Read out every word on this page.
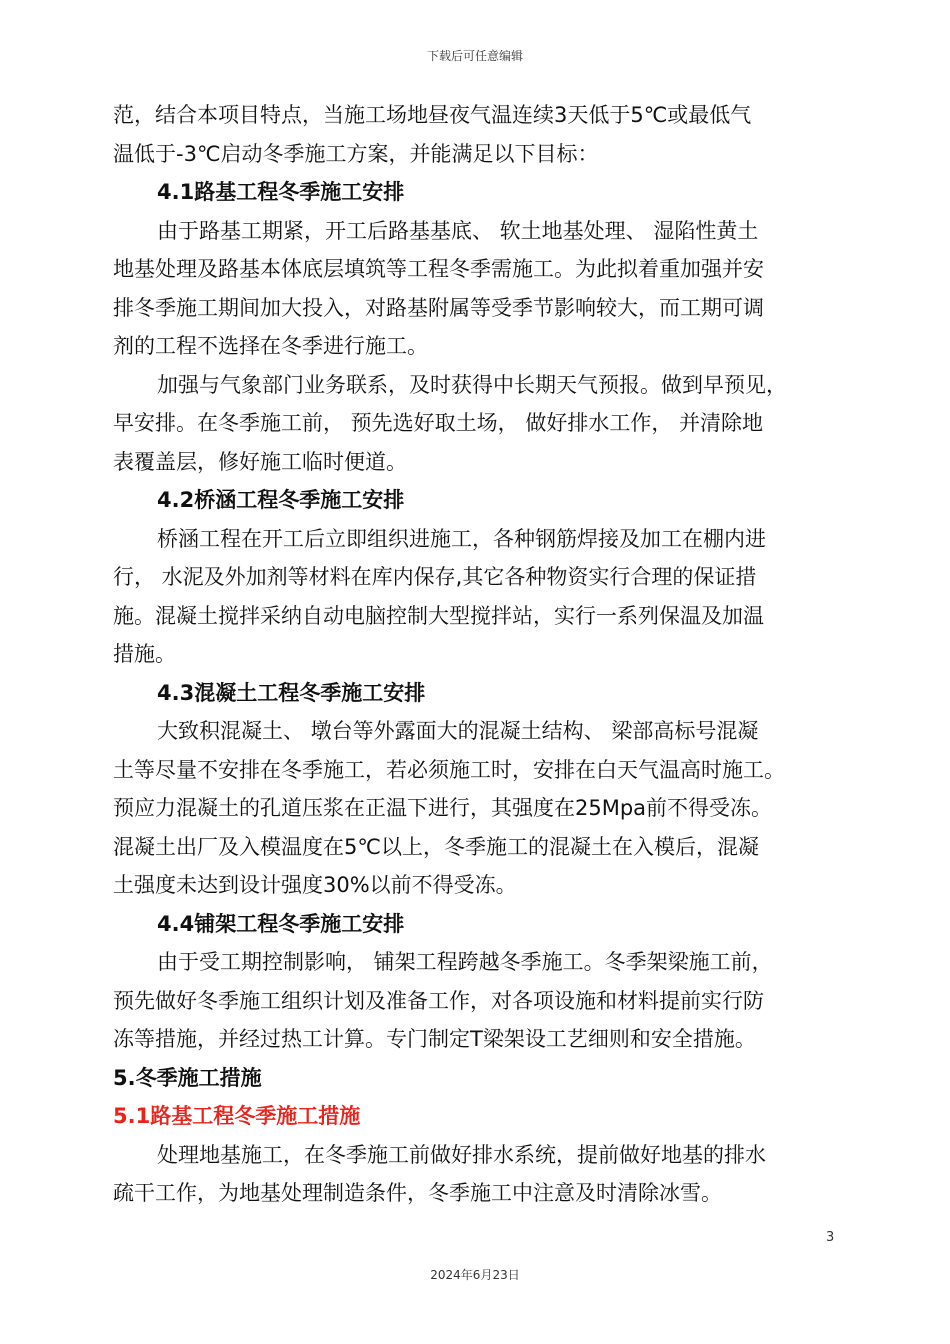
下载后可任意编辑
范，结合本项目特点，当施工场地昼夜气温连续3天低于5℃或最低气
温低于-3℃启动冬季施工方案，并能满足以下目标：
4.1路基工程冬季施工安排
由于路基工期紧，开工后路基基底、 软土地基处理、 湿陷性黄土
地基处理及路基本体底层填筑等工程冬季需施工。为此拟着重加强并安
排冬季施工期间加大投入，对路基附属等受季节影响较大，而工期可调
剂的工程不选择在冬季进行施工。
加强与气象部门业务联系，及时获得中长期天气预报。做到早预见，
早安排。在冬季施工前， 预先选好取土场， 做好排水工作， 并清除地
表覆盖层，修好施工临时便道。
4.2桥涵工程冬季施工安排
桥涵工程在开工后立即组织进施工，各种钢筋焊接及加工在棚内进
行， 水泥及外加剂等材料在库内保存,其它各种物资实行合理的保证措
施。混凝土搅拌采纳自动电脑控制大型搅拌站，实行一系列保温及加温
措施。
4.3混凝土工程冬季施工安排
大致积混凝土、 墩台等外露面大的混凝土结构、 梁部高标号混凝
土等尽量不安排在冬季施工，若必须施工时，安排在白天气温高时施工。
预应力混凝土的孔道压浆在正温下进行，其强度在25Mpa前不得受冻。
混凝土出厂及入模温度在5℃以上，冬季施工的混凝土在入模后，混凝
土强度未达到设计强度30%以前不得受冻。
4.4铺架工程冬季施工安排
由于受工期控制影响， 铺架工程跨越冬季施工。冬季架梁施工前，
预先做好冬季施工组织计划及准备工作，对各项设施和材料提前实行防
冻等措施，并经过热工计算。专门制定T梁架设工艺细则和安全措施。
5.冬季施工措施
5.1路基工程冬季施工措施
处理地基施工，在冬季施工前做好排水系统，提前做好地基的排水
疏干工作，为地基处理制造条件，冬季施工中注意及时清除冰雪。
3
2024年6月23日
